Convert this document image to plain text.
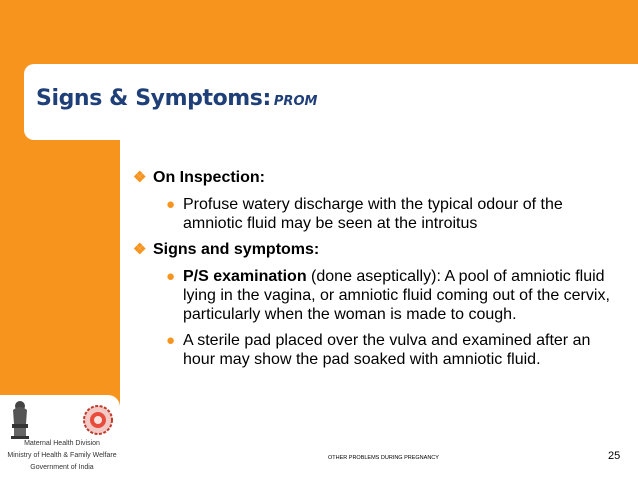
Signs & Symptoms: PROM
❖ On Inspection:
● Profuse watery discharge with the typical odour of the amniotic fluid may be seen at the introitus
❖ Signs and symptoms:
● P/S examination (done aseptically): A pool of amniotic fluid lying in the vagina, or amniotic fluid coming out of the cervix, particularly when the woman is made to cough.
● A sterile pad placed over the vulva and examined after an hour may show the pad soaked with amniotic fluid.
Maternal Health Division
Ministry of Health & Family Welfare
Government of India
OTHER PROBLEMS DURING PREGNANCY	25
